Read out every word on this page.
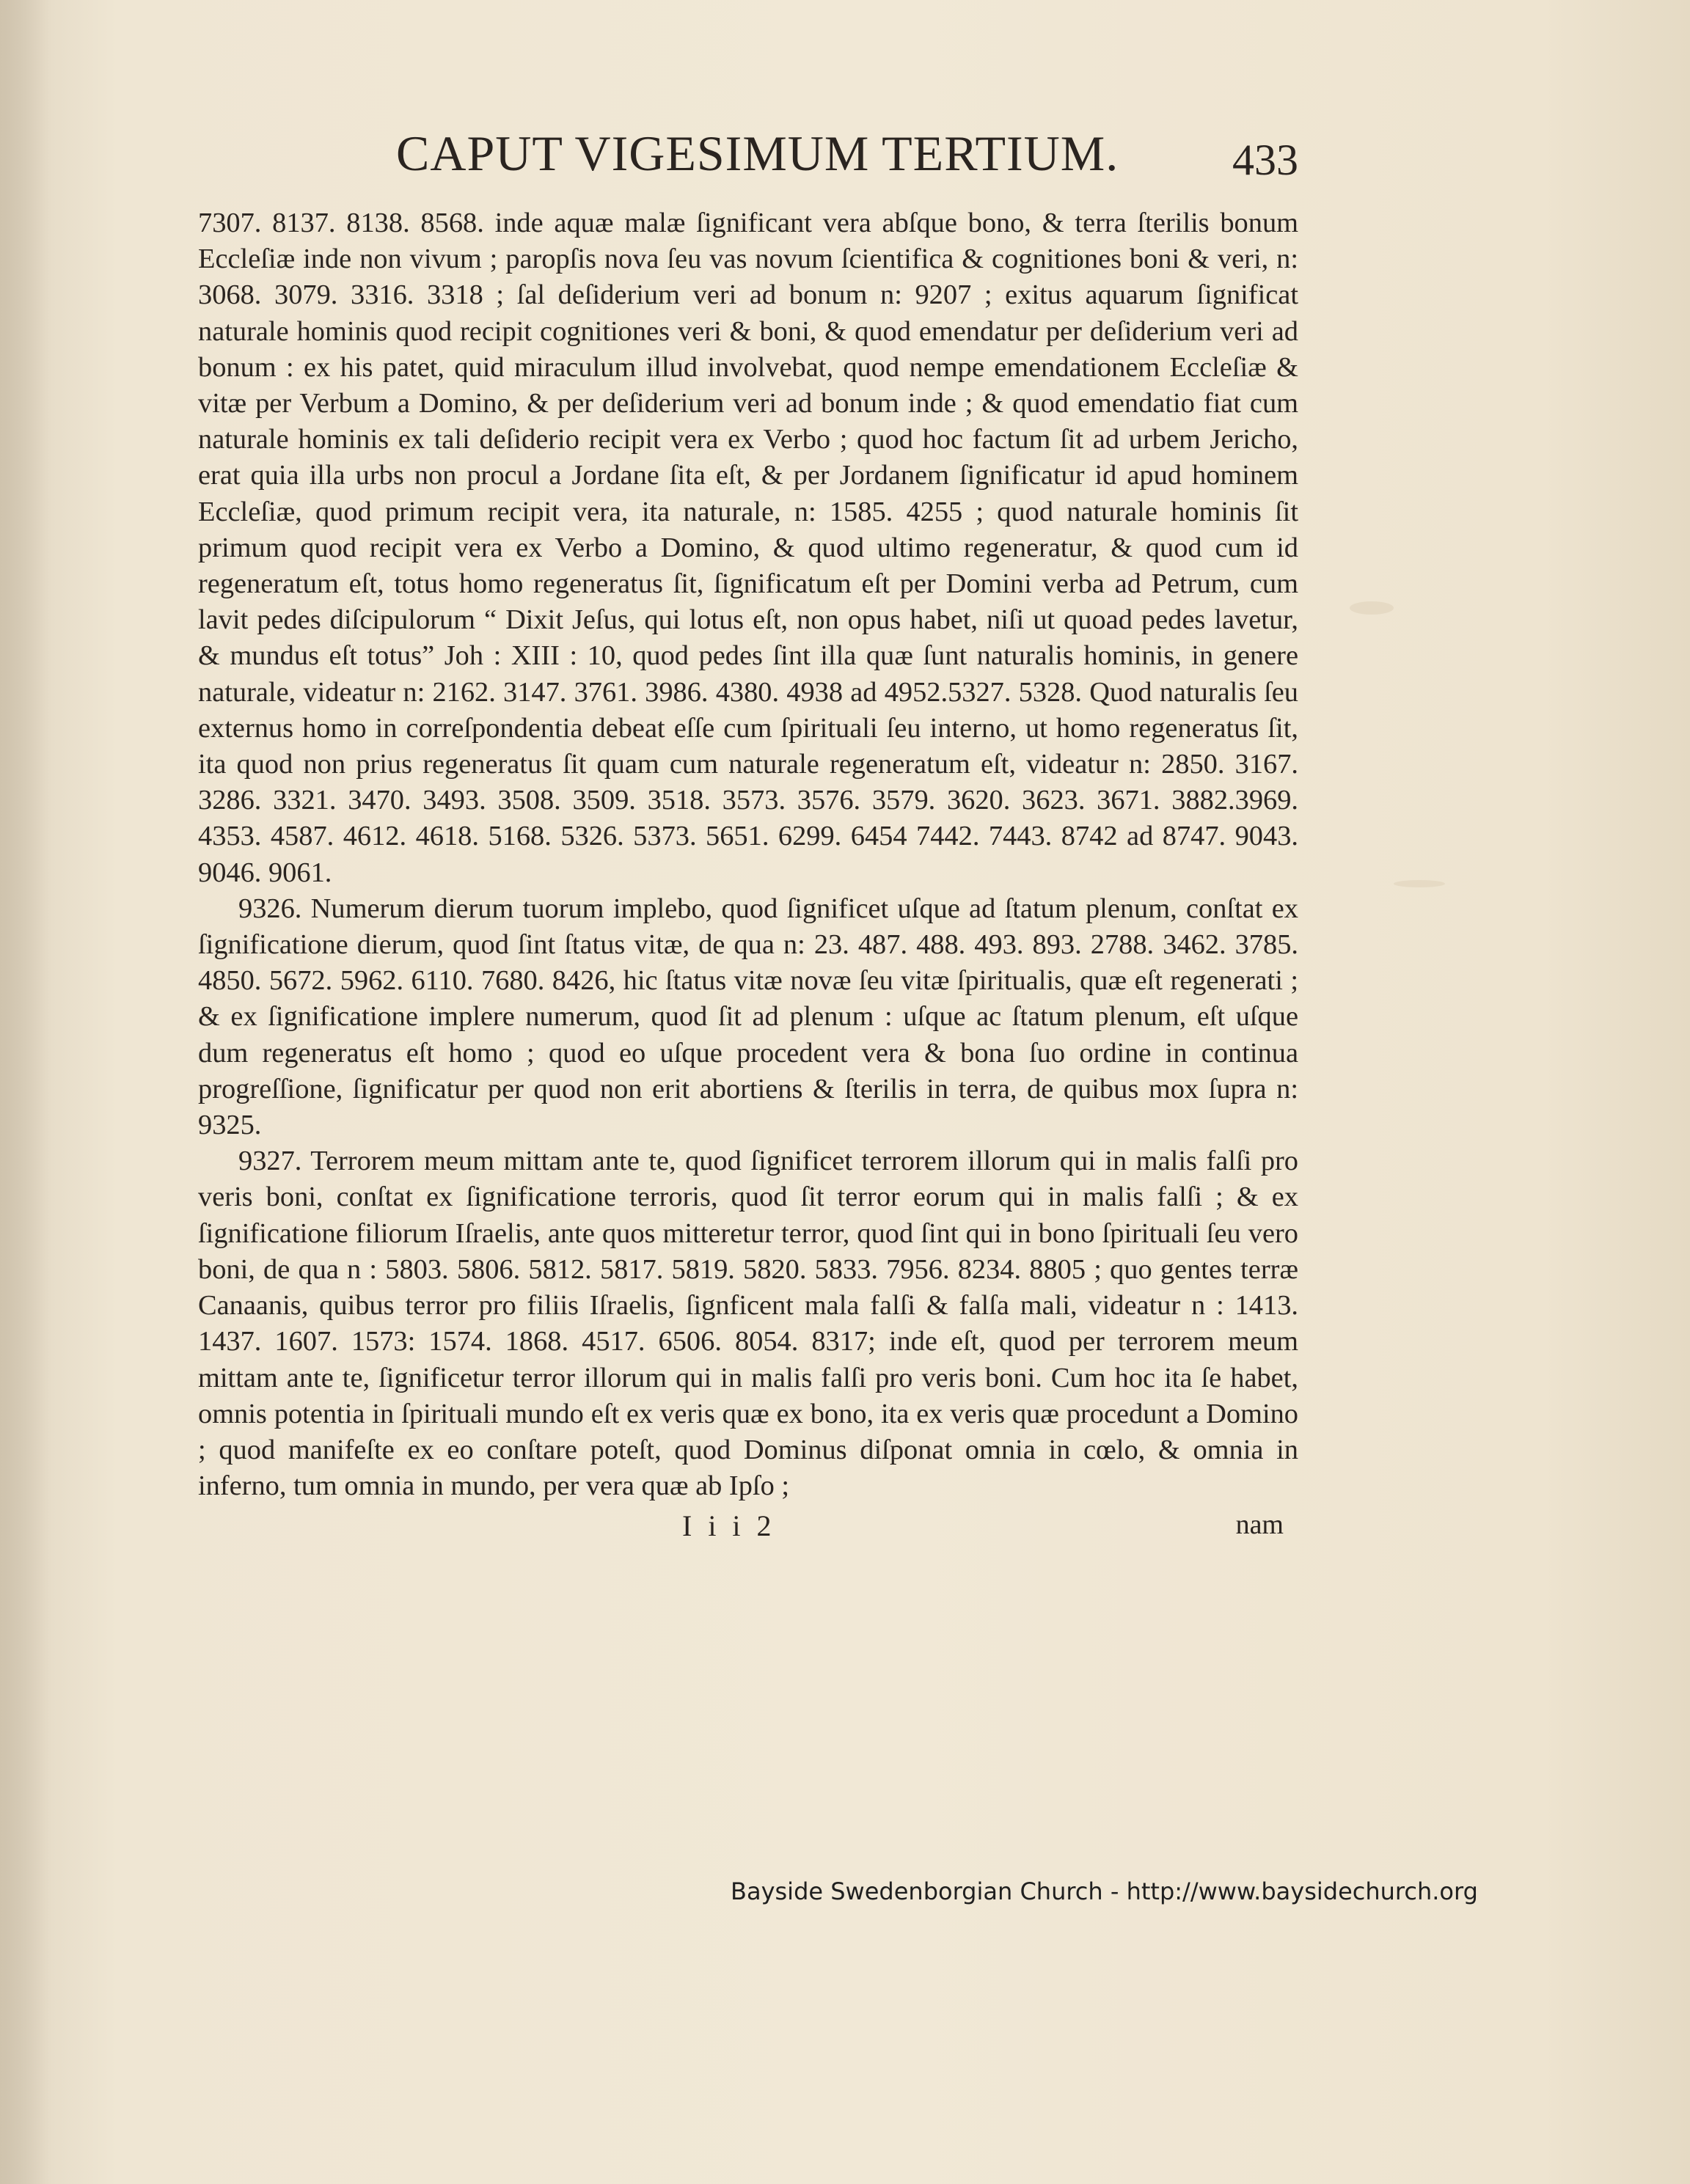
CAPUT VIGESIMUM TERTIUM.	433

7307. 8137. 8138. 8568. inde aquæ malæ ſignificant vera abſque bono, & terra ſterilis bonum Eccleſiæ inde non vivum ; paropſis nova ſeu vas novum ſcientifica & cognitiones boni & veri, n: 3068. 3079. 3316. 3318 ; ſal deſiderium veri ad bonum n: 9207 ; exitus aquarum ſignificat naturale hominis quod recipit cognitiones veri & boni, & quod emendatur per deſiderium veri ad bonum : ex his patet, quid miraculum illud involvebat, quod nempe emendationem Eccleſiæ & vitæ per Verbum a Domino, & per deſiderium veri ad bonum inde ; & quod emendatio fiat cum naturale hominis ex tali deſiderio recipit vera ex Verbo ; quod hoc factum ſit ad urbem Jericho, erat quia illa urbs non procul a Jordane ſita eſt, & per Jordanem ſignificatur id apud hominem Eccleſiæ, quod primum recipit vera, ita naturale, n: 1585. 4255 ; quod naturale hominis ſit primum quod recipit vera ex Verbo a Domino, & quod ultimo regeneratur, & quod cum id regeneratum eſt, totus homo regeneratus ſit, ſignificatum eſt per Domini verba ad Petrum, cum lavit pedes diſcipulorum “ Dixit Jeſus, qui lotus eſt, non opus habet, niſi ut quoad pedes lavetur, & mundus eſt totus” Joh : XIII : 10, quod pedes ſint illa quæ ſunt naturalis hominis, in genere naturale, videatur n: 2162. 3147. 3761. 3986. 4380. 4938 ad 4952.5327. 5328. Quod naturalis ſeu externus homo in correſpondentia debeat eſſe cum ſpirituali ſeu interno, ut homo regeneratus ſit, ita quod non prius regeneratus ſit quam cum naturale regeneratum eſt, videatur n: 2850. 3167. 3286. 3321. 3470. 3493. 3508. 3509. 3518. 3573. 3576. 3579. 3620. 3623. 3671. 3882.3969. 4353. 4587. 4612. 4618. 5168. 5326. 5373. 5651. 6299. 6454 7442. 7443. 8742 ad 8747. 9043. 9046. 9061.

9326. Numerum dierum tuorum implebo, quod ſignificet uſque ad ſtatum plenum, conſtat ex ſignificatione dierum, quod ſint ſtatus vitæ, de qua n: 23. 487. 488. 493. 893. 2788. 3462. 3785. 4850. 5672. 5962. 6110. 7680. 8426, hic ſtatus vitæ novæ ſeu vitæ ſpiritualis, quæ eſt regenerati ; & ex ſignificatione implere numerum, quod ſit ad plenum : uſque ac ſtatum plenum, eſt uſque dum regeneratus eſt homo ; quod eo uſque procedent vera & bona ſuo ordine in continua progreſſione, ſignificatur per quod non erit abortiens & ſterilis in terra, de quibus mox ſupra n: 9325.

9327. Terrorem meum mittam ante te, quod ſignificet terrorem illorum qui in malis falſi pro veris boni, conſtat ex ſignificatione terroris, quod ſit terror eorum qui in malis falſi ; & ex ſignificatione filiorum Iſraelis, ante quos mitteretur terror, quod ſint qui in bono ſpirituali ſeu vero boni, de qua n : 5803. 5806. 5812. 5817. 5819. 5820. 5833. 7956. 8234. 8805 ; quo gentes terræ Canaanis, quibus terror pro filiis Iſraelis, ſignficent mala falſi & falſa mali, videatur n : 1413. 1437. 1607. 1573: 1574. 1868. 4517. 6506. 8054. 8317; inde eſt, quod per terrorem meum mittam ante te, ſignificetur terror illorum qui in malis falſi pro veris boni. Cum hoc ita ſe habet, omnis potentia in ſpirituali mundo eſt ex veris quæ ex bono, ita ex veris quæ procedunt a Domino ; quod manifeſte ex eo conſtare poteſt, quod Dominus diſponat omnia in cœlo, & omnia in inferno, tum omnia in mundo, per vera quæ ab Ipſo ;

I i i 2	nam
Bayside Swedenborgian Church - http://www.baysidechurch.org
